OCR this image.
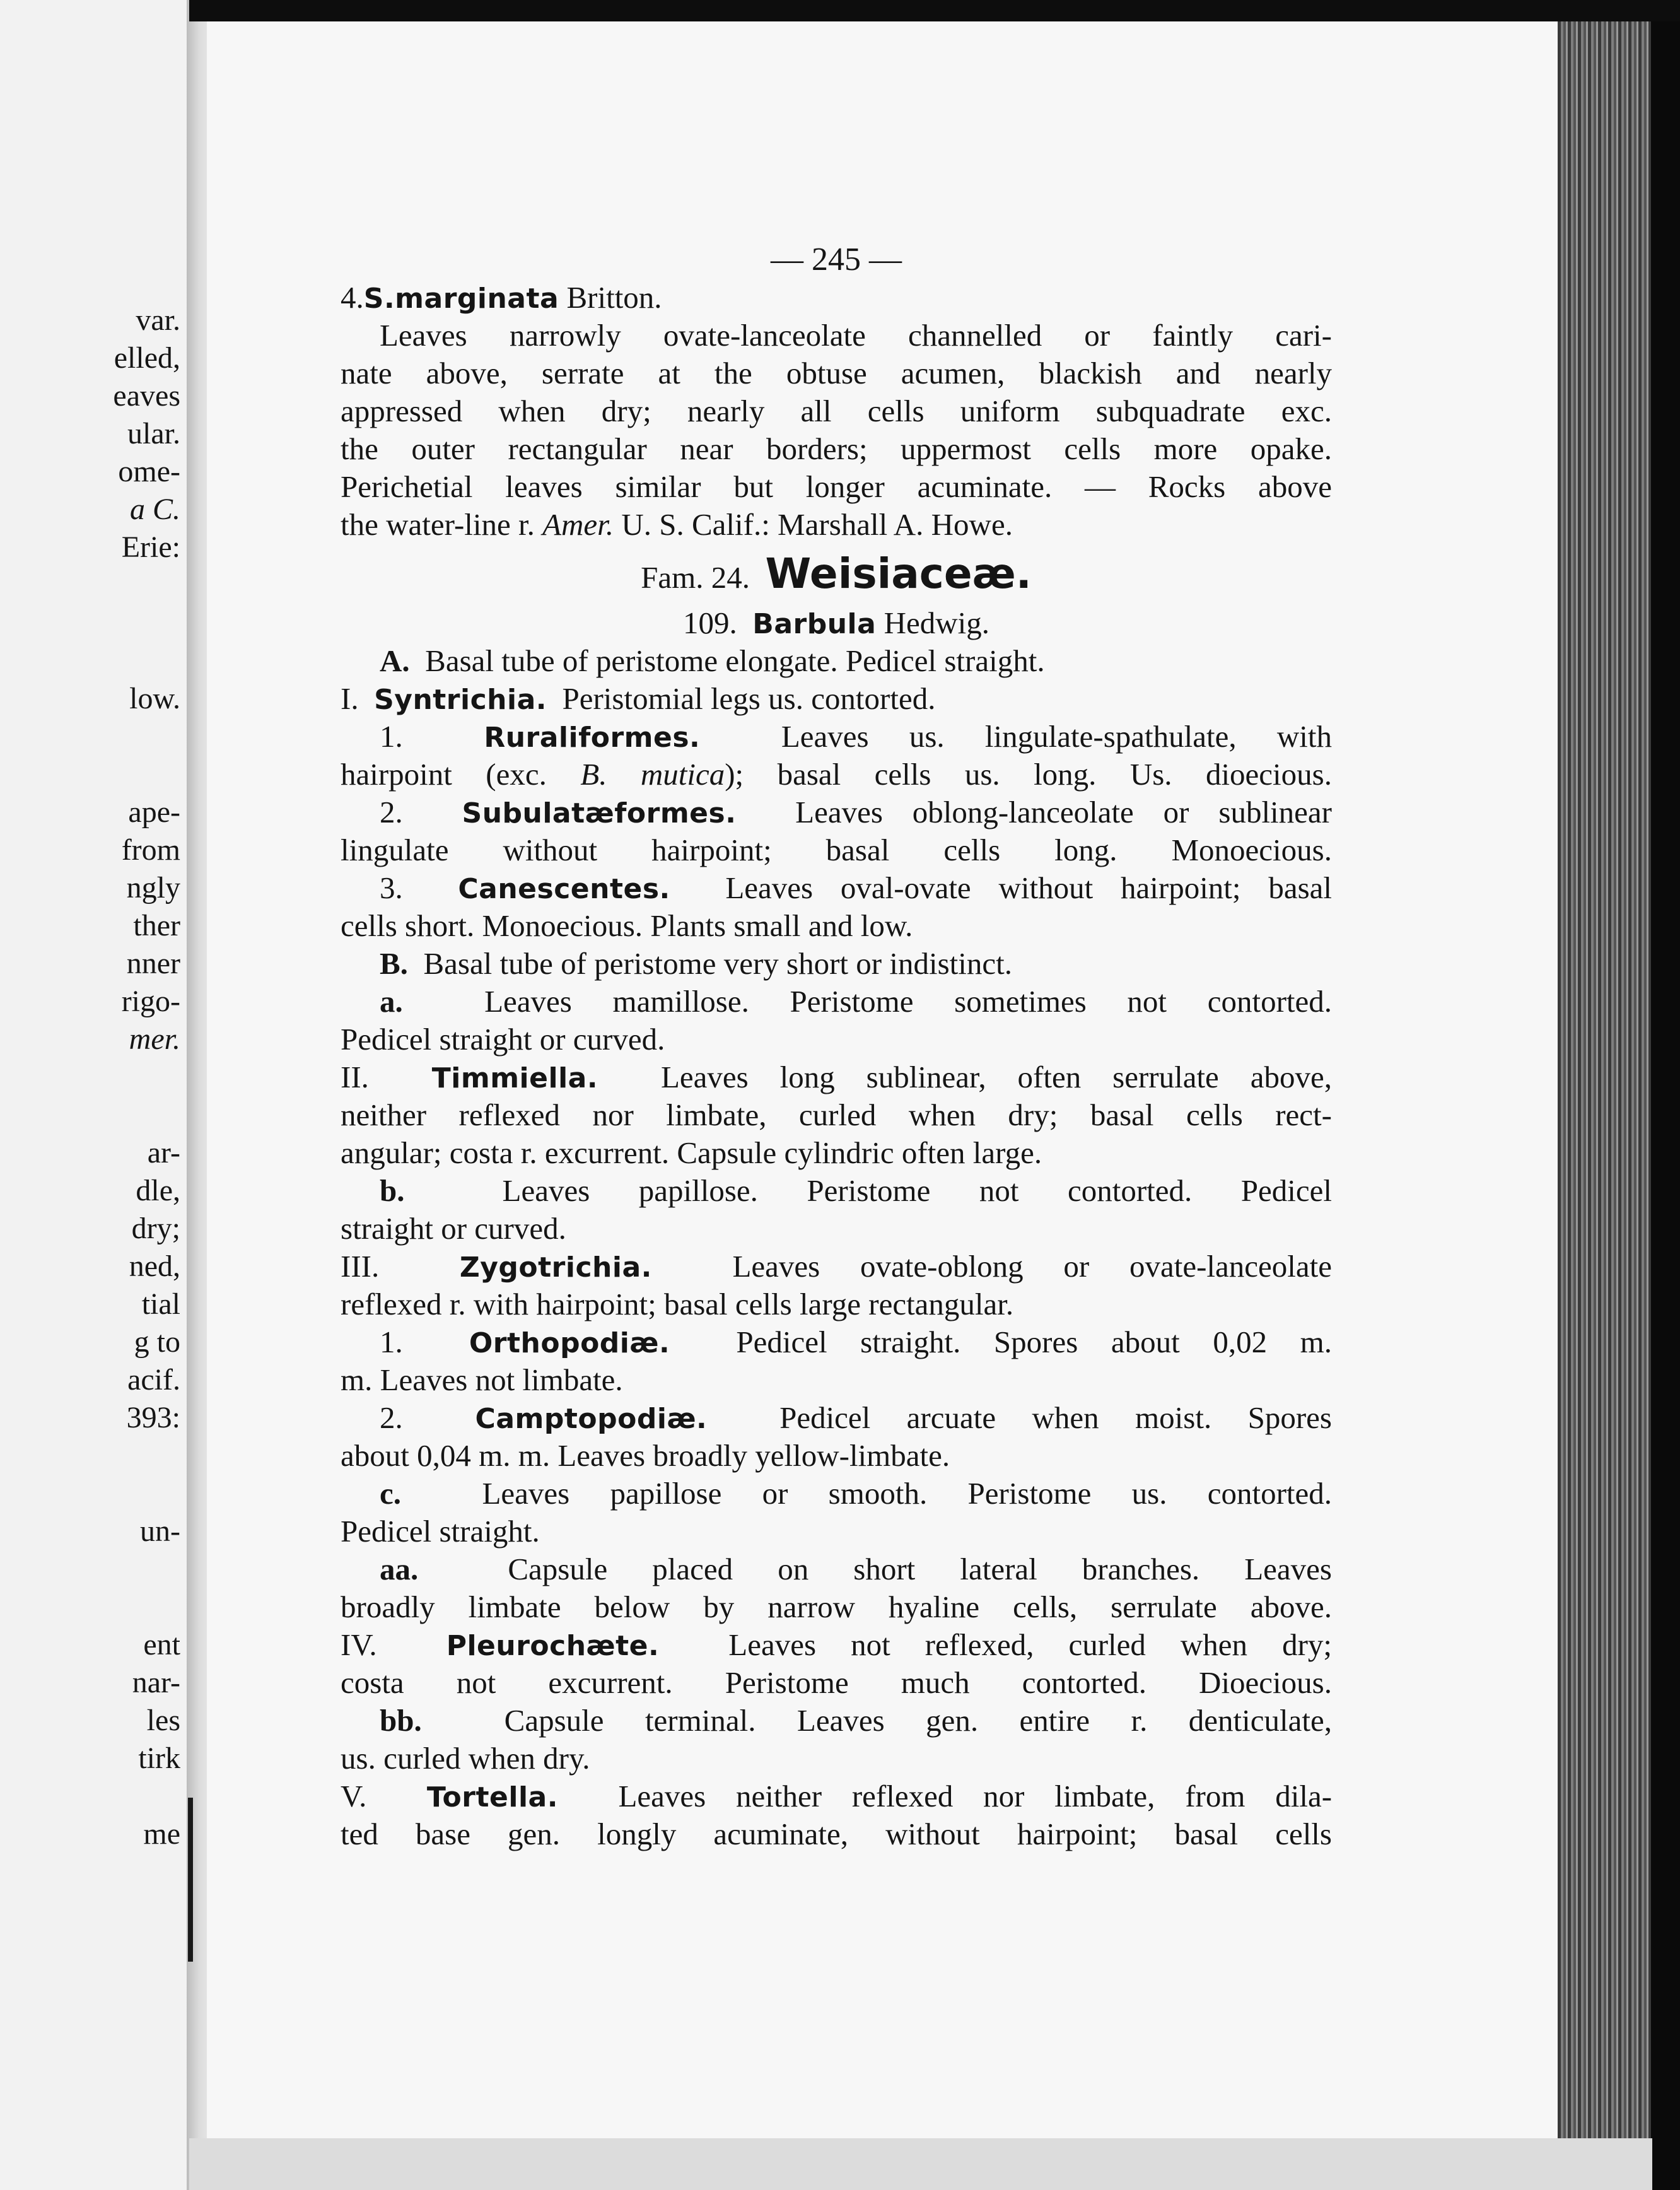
var.
elled,
eaves
ular.
ome-
a C.
Erie:
low.
ape-
from
ngly
ther
nner
rigo-
mer.
ar-
dle,
dry;
ned,
tial
g to
acif.
393:
un-
ent
nar-
les
tirk
me
— 245 —
4.S.marginata Britton.
Leaves narrowly ovate-lanceolate channelled or faintly cari-
nate above, serrate at the obtuse acumen, blackish and nearly
appressed when dry; nearly all cells uniform subquadrate exc.
the outer rectangular near borders; uppermost cells more opake.
Perichetial leaves similar but longer acuminate. — Rocks above
the water-line r. Amer. U. S. Calif.: Marshall A. Howe.
Fam. 24. Weisiaceæ.
109. Barbula Hedwig.
A. Basal tube of peristome elongate. Pedicel straight.
I. Syntrichia. Peristomial legs us. contorted.
1.	Ruraliformes.	Leaves us. lingulate-spathulate, with
hairpoint (exc. B. mutica); basal cells us. long. Us. dioecious.
2. Subulatæformes. Leaves oblong-lanceolate or sublinear
lingulate without hairpoint; basal cells long. Monoecious.
3. Canescentes. Leaves oval-ovate without hairpoint; basal
cells short. Monoecious. Plants small and low.
B. Basal tube of peristome very short or indistinct.
a.	Leaves mamillose. Peristome sometimes not contorted.
Pedicel straight or curved.
II. Timmiella. Leaves long sublinear, often serrulate above,
neither reflexed nor limbate, curled when dry; basal cells rect-
angular; costa r. excurrent. Capsule cylindric often large.
b.	Leaves papillose. Peristome not contorted. Pedicel
straight or curved.
III.	Zygotrichia.	Leaves ovate-oblong or ovate-lanceolate
reflexed r. with hairpoint; basal cells large rectangular.
1. Orthopodiæ. Pedicel straight. Spores about 0,02 m.
m. Leaves not limbate.
2.	Camptopodiæ. Pedicel arcuate when moist. Spores
about 0,04 m. m. Leaves broadly yellow-limbate.
c.	Leaves papillose or smooth. Peristome us. contorted.
Pedicel straight.
aa.	Capsule placed on short lateral branches. Leaves
broadly limbate below by narrow hyaline cells, serrulate above.
IV.	Pleurochæte. Leaves not reflexed, curled when dry;
costa not excurrent. Peristome much contorted. Dioecious.
bb.	Capsule terminal. Leaves gen. entire r. denticulate,
us. curled when dry.
V. Tortella. Leaves neither reflexed nor limbate, from dila-
ted base gen. longly acuminate, without hairpoint; basal cells
